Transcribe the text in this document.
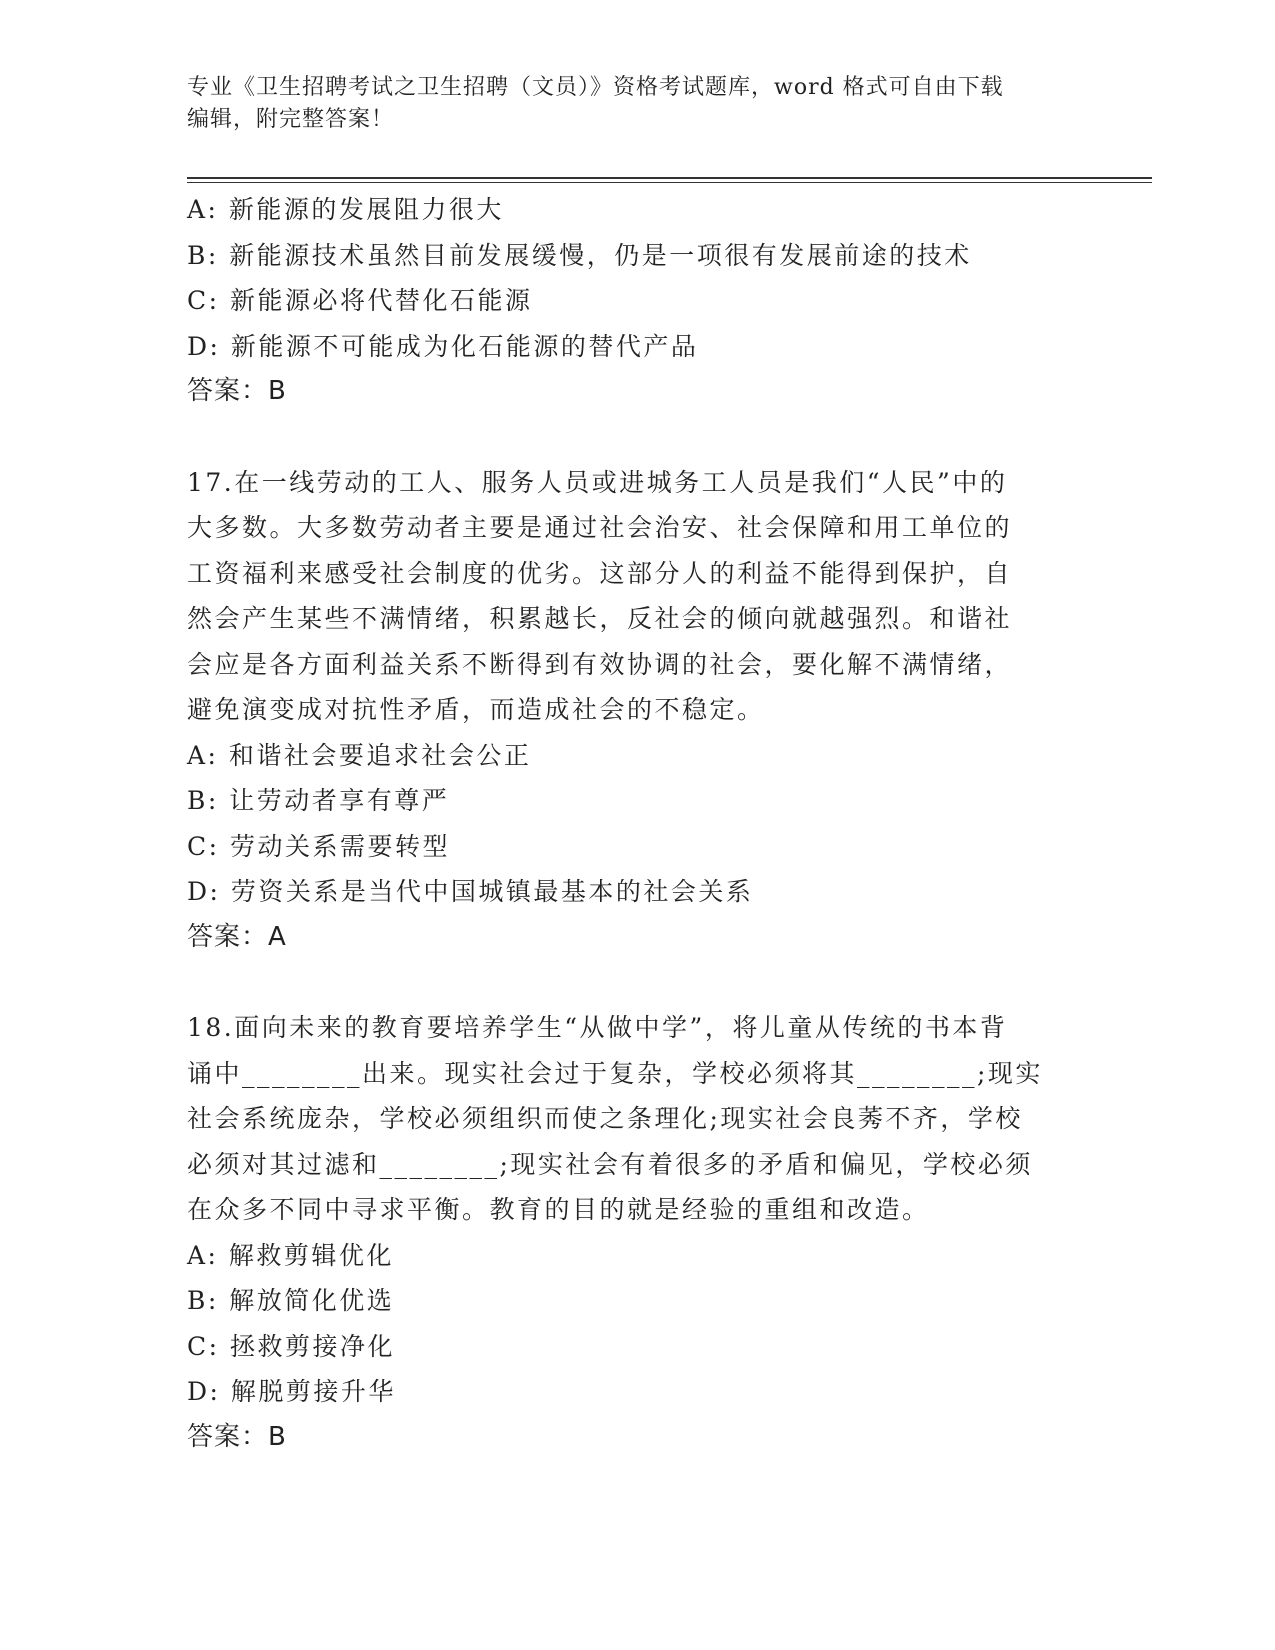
专业《卫生招聘考试之卫生招聘（文员）》资格考试题库，word 格式可自由下载
编辑，附完整答案！
A: 新能源的发展阻力很大
B: 新能源技术虽然目前发展缓慢，仍是一项很有发展前途的技术
C: 新能源必将代替化石能源
D: 新能源不可能成为化石能源的替代产品
答案：B
17.在一线劳动的工人、服务人员或进城务工人员是我们“人民”中的
大多数。大多数劳动者主要是通过社会治安、社会保障和用工单位的
工资福利来感受社会制度的优劣。这部分人的利益不能得到保护，自
然会产生某些不满情绪，积累越长，反社会的倾向就越强烈。和谐社
会应是各方面利益关系不断得到有效协调的社会，要化解不满情绪，
避免演变成对抗性矛盾，而造成社会的不稳定。
A: 和谐社会要追求社会公正
B: 让劳动者享有尊严
C: 劳动关系需要转型
D: 劳资关系是当代中国城镇最基本的社会关系
答案：A
18.面向未来的教育要培养学生“从做中学”，将儿童从传统的书本背
诵中________出来。现实社会过于复杂，学校必须将其________;现实
社会系统庞杂，学校必须组织而使之条理化;现实社会良莠不齐，学校
必须对其过滤和________;现实社会有着很多的矛盾和偏见，学校必须
在众多不同中寻求平衡。教育的目的就是经验的重组和改造。
A: 解救剪辑优化
B: 解放简化优选
C: 拯救剪接净化
D: 解脱剪接升华
答案：B
